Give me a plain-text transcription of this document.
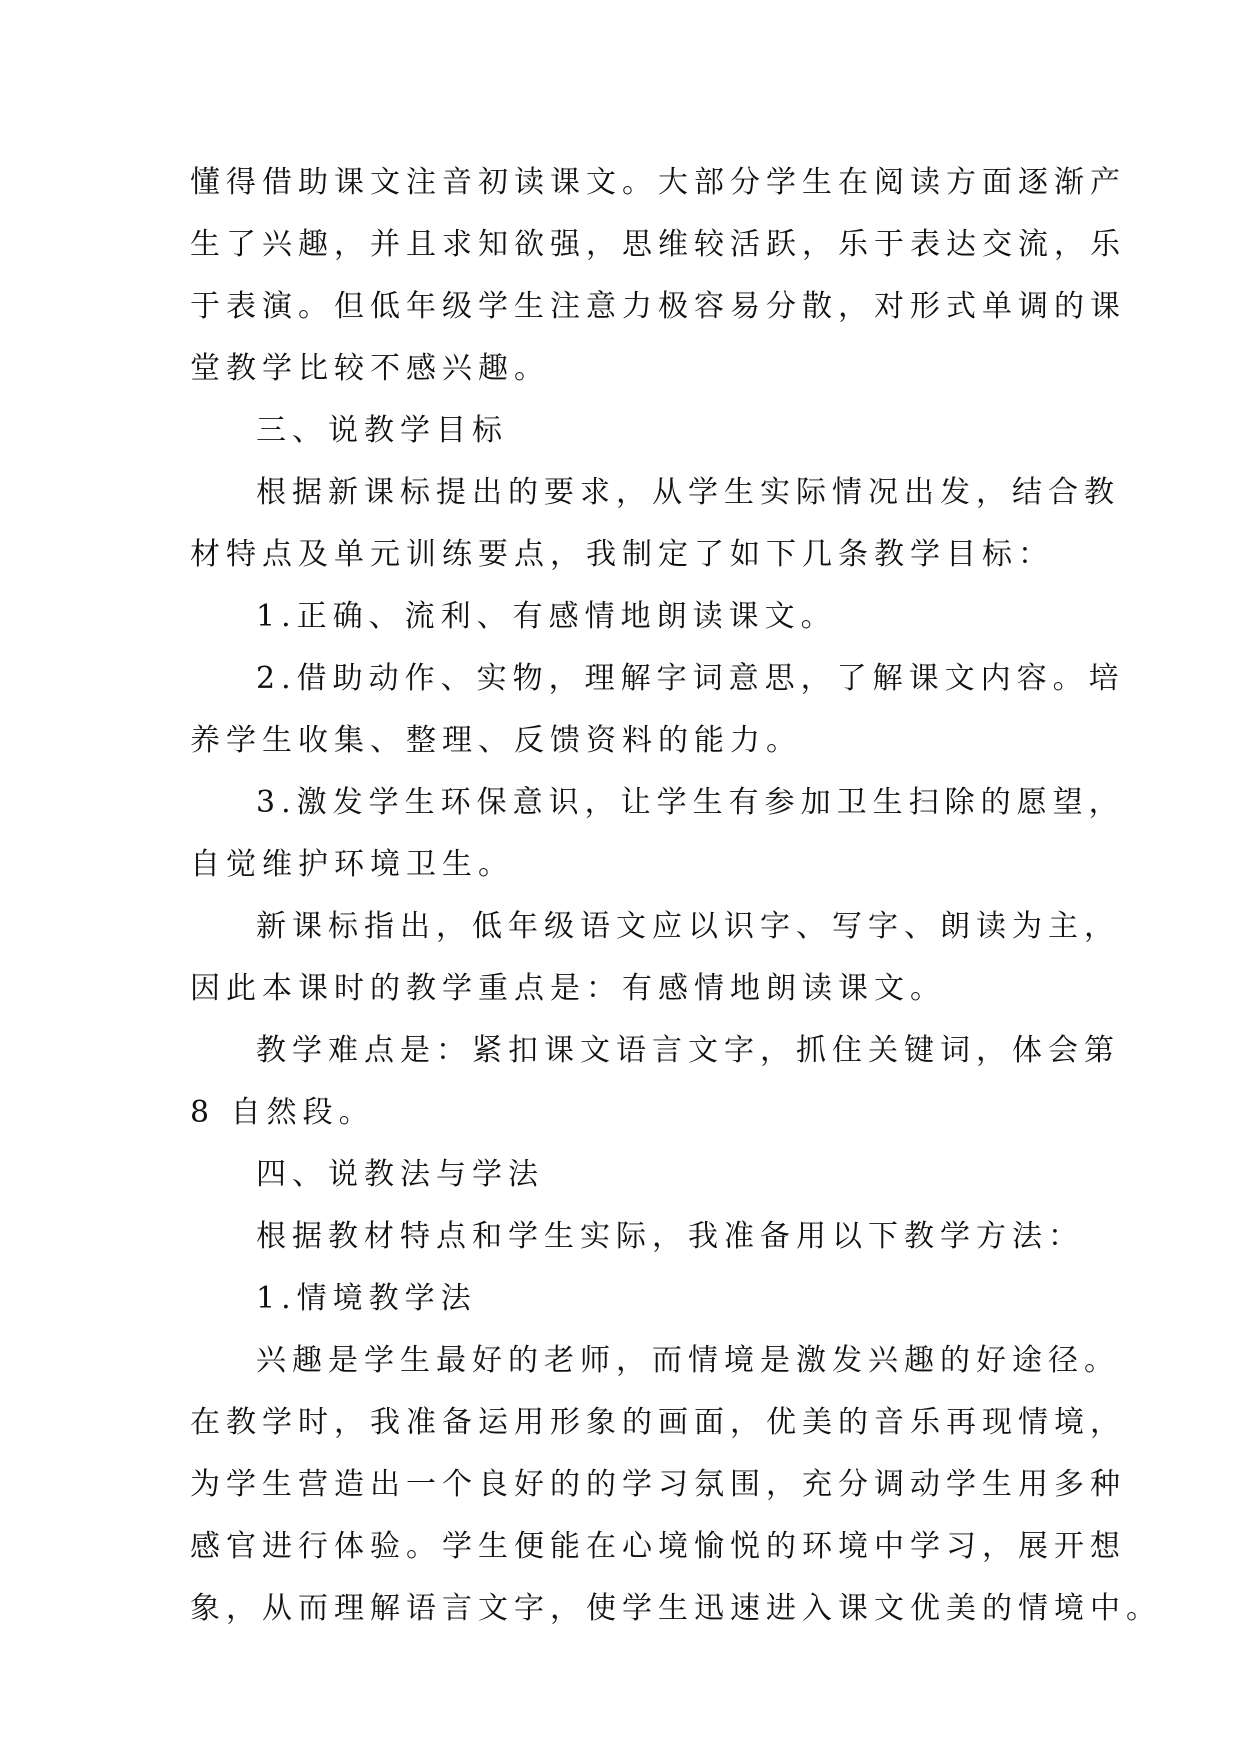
懂得借助课文注音初读课文。大部分学生在阅读方面逐渐产
生了兴趣，并且求知欲强，思维较活跃，乐于表达交流，乐
于表演。但低年级学生注意力极容易分散，对形式单调的课
堂教学比较不感兴趣。
三、说教学目标
根据新课标提出的要求，从学生实际情况出发，结合教
材特点及单元训练要点，我制定了如下几条教学目标：
1.正确、流利、有感情地朗读课文。
2.借助动作、实物，理解字词意思，了解课文内容。培
养学生收集、整理、反馈资料的能力。
3.激发学生环保意识，让学生有参加卫生扫除的愿望，
自觉维护环境卫生。
新课标指出，低年级语文应以识字、写字、朗读为主，
因此本课时的教学重点是：有感情地朗读课文。
教学难点是：紧扣课文语言文字，抓住关键词，体会第
8 自然段。
四、说教法与学法
根据教材特点和学生实际，我准备用以下教学方法：
1.情境教学法
兴趣是学生最好的老师，而情境是激发兴趣的好途径。
在教学时，我准备运用形象的画面，优美的音乐再现情境，
为学生营造出一个良好的的学习氛围，充分调动学生用多种
感官进行体验。学生便能在心境愉悦的环境中学习，展开想
象，从而理解语言文字，使学生迅速进入课文优美的情境中。
